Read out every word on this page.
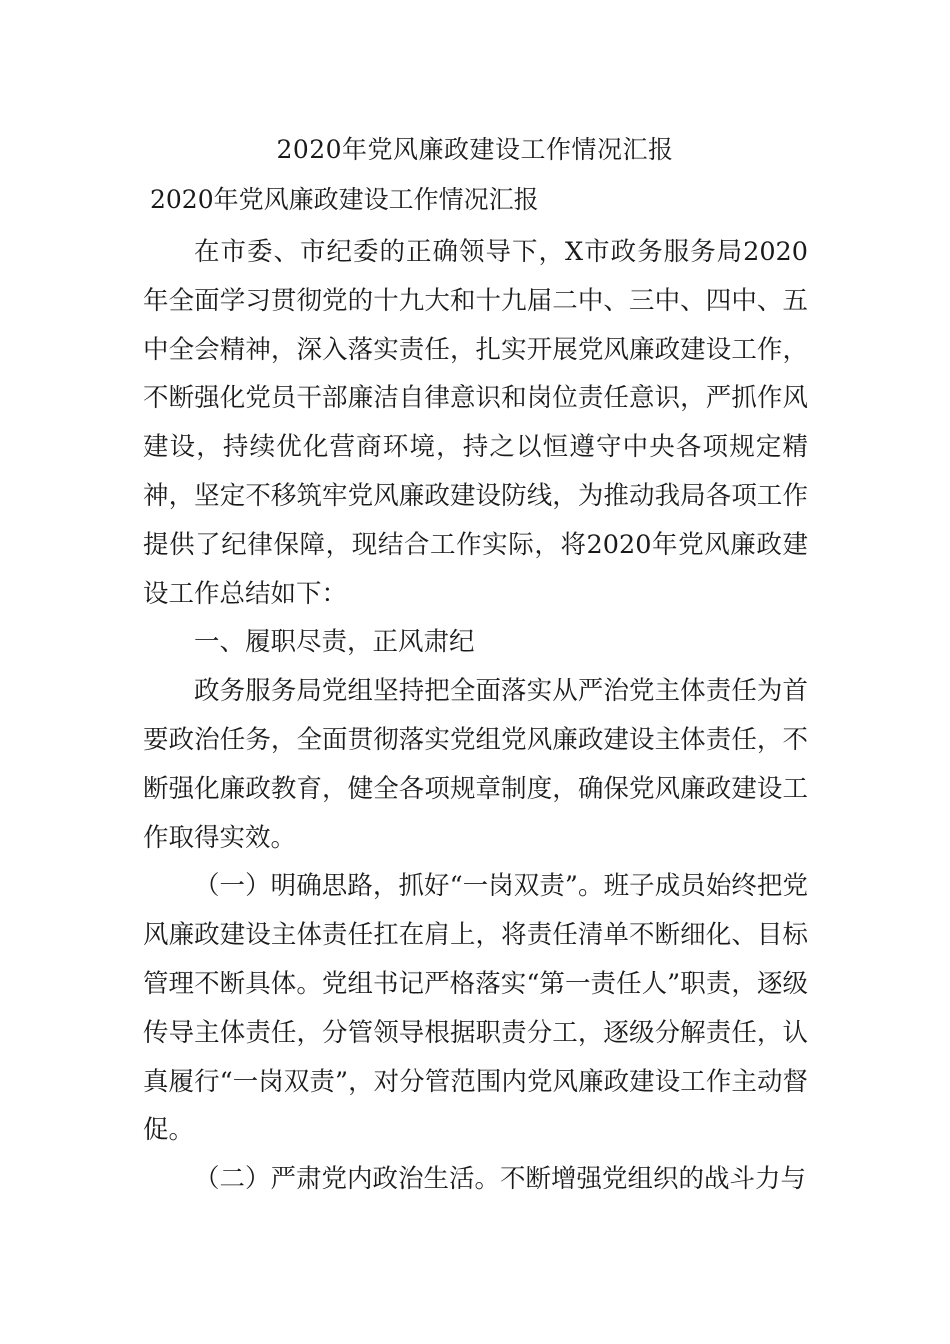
2020年党风廉政建设工作情况汇报
2020年党风廉政建设工作情况汇报

在市委、市纪委的正确领导下，X市政务服务局2020年全面学习贯彻党的十九大和十九届二中、三中、四中、五中全会精神，深入落实责任，扎实开展党风廉政建设工作，不断强化党员干部廉洁自律意识和岗位责任意识，严抓作风建设，持续优化营商环境，持之以恒遵守中央各项规定精神，坚定不移筑牢党风廉政建设防线，为推动我局各项工作提供了纪律保障，现结合工作实际，将2020年党风廉政建设工作总结如下：

一、履职尽责，正风肃纪

政务服务局党组坚持把全面落实从严治党主体责任为首要政治任务，全面贯彻落实党组党风廉政建设主体责任，不断强化廉政教育，健全各项规章制度，确保党风廉政建设工作取得实效。

（一）明确思路，抓好“一岗双责”。班子成员始终把党风廉政建设主体责任扛在肩上，将责任清单不断细化、目标管理不断具体。党组书记严格落实“第一责任人”职责，逐级传导主体责任，分管领导根据职责分工，逐级分解责任，认真履行“一岗双责”，对分管范围内党风廉政建设工作主动督促。

（二）严肃党内政治生活。不断增强党组织的战斗力与
